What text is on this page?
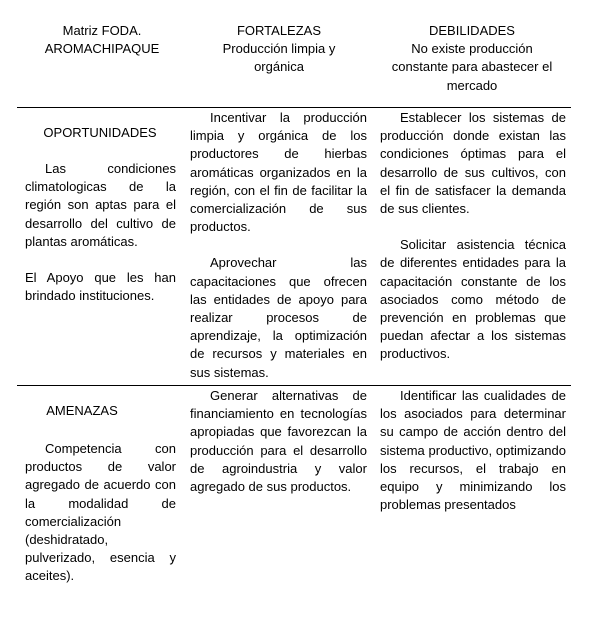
Matriz FODA.
AROMACHIPAQUE
FORTALEZAS
Producción limpia y
orgánica
DEBILIDADES
No existe producción
constante para abastecer el
mercado
OPORTUNIDADES

Las condiciones climatologicas de la región son aptas para el desarrollo del cultivo de plantas aromáticas.

El Apoyo que les han brindado instituciones.

Incentivar la producción limpia y orgánica de los productores de hierbas aromáticas organizados en la región, con el fin de facilitar la comercialización de sus productos.

Aprovechar las capacitaciones que ofrecen las entidades de apoyo para realizar procesos de aprendizaje, la optimización de recursos y materiales en sus sistemas.

Establecer los sistemas de producción donde existan las condiciones óptimas para el desarrollo de sus cultivos, con el fin de satisfacer la demanda de sus clientes.

Solicitar asistencia técnica de diferentes entidades para la capacitación constante de los asociados como método de prevención en problemas que puedan afectar a los sistemas productivos.

AMENAZAS

Competencia con productos de valor agregado de acuerdo con la modalidad de comercialización (deshidratado, pulverizado, esencia y aceites).

Generar alternativas de financiamiento en tecnologías apropiadas que favorezcan la producción para el desarrollo de agroindustria y valor agregado de sus productos.

Identificar las cualidades de los asociados para determinar su campo de acción dentro del sistema productivo, optimizando los recursos, el trabajo en equipo y minimizando los problemas presentados
